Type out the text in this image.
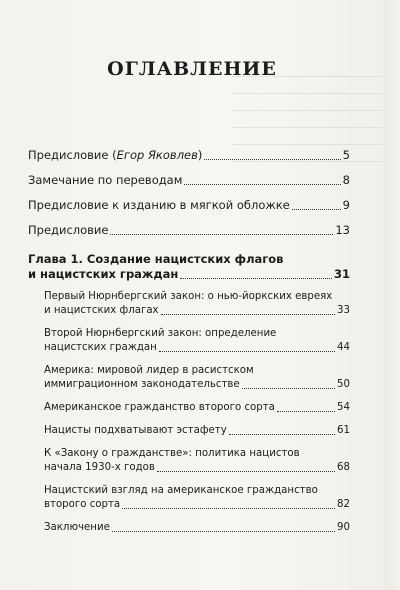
ОГЛАВЛЕНИЕ
Предисловие (Егор Яковлев)	5
Замечание по переводам	8
Предисловие к изданию в мягкой обложке	9
Предисловие	13
Глава 1. Создание нацистских флагов
и нацистских граждан	31
Первый Нюрнбергский закон: о нью-йоркских евреях
и нацистских флагах	33
Второй Нюрнбергский закон: определение
нацистских граждан	44
Америка: мировой лидер в расистском
иммиграционном законодательстве	50
Американское гражданство второго сорта	54
Нацисты подхватывают эстафету	61
К «Закону о гражданстве»: политика нацистов
начала 1930-х годов	68
Нацистский взгляд на американское гражданство
второго сорта	82
Заключение	90
